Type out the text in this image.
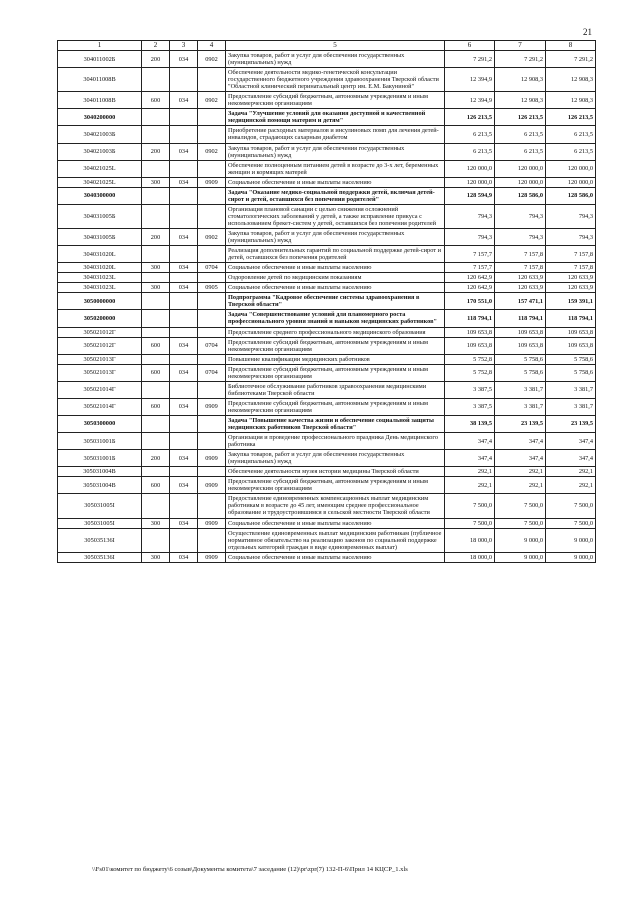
21
1	2	3	4	5	6	7	8
304011002Б	200	034	0902	Закупка товаров, работ и услуг для обеспечения государственных (муниципальных) нужд	7 291,2	7 291,2	7 291,2
304011008В				Обеспечение деятельности медико-генетической консультации государственного бюджетного учреждения здравоохранения Тверской области "Областной клинический перинатальный центр им. Е.М. Бакуниной"	12 394,9	12 908,3	12 908,3
304011008В	600	034	0902	Предоставление субсидий бюджетным, автономным учреждениям и иным некоммерческим организациям	12 394,9	12 908,3	12 908,3
3040200000				Задача "Улучшение условий для оказания доступной и качественной медицинской помощи матерям и детям"	126 213,5	126 213,5	126 213,5
304021003Б				Приобретение расходных материалов и инсулиновых помп для лечения детей-инвалидов, страдающих сахарным диабетом	6 213,5	6 213,5	6 213,5
304021003Б	200	034	0902	Закупка товаров, работ и услуг для обеспечения государственных (муниципальных) нужд	6 213,5	6 213,5	6 213,5
304021025L				Обеспечение полноценным питанием детей в возрасте до 3-х лет, беременных женщин и кормящих матерей	120 000,0	120 000,0	120 000,0
304021025L	300	034	0909	Социальное обеспечение и иные выплаты населению	120 000,0	120 000,0	120 000,0
3040300000				Задача "Оказание медико-социальной поддержки детей, включая детей-сирот и детей, оставшихся без попечения родителей"	128 594,9	128 586,0	128 586,0
304031005Б				Организация плановой санации с целью снижения осложнений стоматологических заболеваний у детей, а также исправление прикуса с использованием брекет-систем у детей, оставшихся без попечения родителей	794,3	794,3	794,3
304031005Б	200	034	0902	Закупка товаров, работ и услуг для обеспечения государственных (муниципальных) нужд	794,3	794,3	794,3
304031020L				Реализация дополнительных гарантий по социальной поддержке детей-сирот и детей, оставшихся без попечения родителей	7 157,7	7 157,8	7 157,8
304031020L	300	034	0704	Социальное обеспечение и иные выплаты населению	7 157,7	7 157,8	7 157,8
304031023L				Оздоровление детей по медицинским показаниям	120 642,9	120 633,9	120 633,9
304031023L	300	034	0905	Социальное обеспечение и иные выплаты населению	120 642,9	120 633,9	120 633,9
3050000000				Подпрограмма "Кадровое обеспечение системы здравоохранения в Тверской области"	170 551,0	157 471,1	159 391,1
3050200000				Задача "Совершенствование условий для планомерного роста профессионального уровня знаний и навыков медицинских работников"	118 794,1	118 794,1	118 794,1
305021012Г				Предоставление среднего профессионального медицинского образования	109 653,8	109 653,8	109 653,8
305021012Г	600	034	0704	Предоставление субсидий бюджетным, автономным учреждениям и иным некоммерческим организациям	109 653,8	109 653,8	109 653,8
305021013Г				Повышение квалификации медицинских работников	5 752,8	5 758,6	5 758,6
305021013Г	600	034	0704	Предоставление субсидий бюджетным, автономным учреждениям и иным некоммерческим организациям	5 752,8	5 758,6	5 758,6
305021014Г				Библиотечное обслуживание работников здравоохранения медицинскими библиотеками Тверской области	3 387,5	3 381,7	3 381,7
305021014Г	600	034	0909	Предоставление субсидий бюджетным, автономным учреждениям и иным некоммерческим организациям	3 387,5	3 381,7	3 381,7
3050300000				Задача "Повышение качества жизни и обеспечение социальной защиты медицинских работников Тверской области"	38 139,5	23 139,5	23 139,5
305031001Б				Организация и проведение профессионального праздника День медицинского работника	347,4	347,4	347,4
305031001Б	200	034	0909	Закупка товаров, работ и услуг для обеспечения государственных (муниципальных) нужд	347,4	347,4	347,4
305031004В				Обеспечение деятельности музея истории медицины Тверской области	292,1	292,1	292,1
305031004В	600	034	0909	Предоставление субсидий бюджетным, автономным учреждениям и иным некоммерческим организациям	292,1	292,1	292,1
305031005I				Предоставление единовременных компенсационных выплат медицинским работникам в возрасте до 45 лет, имеющим среднее профессиональное образование и трудоустроившимся в сельской местности Тверской области	7 500,0	7 500,0	7 500,0
305031005I	300	034	0909	Социальное обеспечение и иные выплаты населению	7 500,0	7 500,0	7 500,0
305035136I				Осуществление единовременных выплат медицинским работникам (публичное нормативное обязательство на реализацию законов по социальной поддержке отдельных категорий граждан в виде единовременных выплат)	18 000,0	9 000,0	9 000,0
305035136I	300	034	0909	Социальное обеспечение и иные выплаты населению	18 000,0	9 000,0	9 000,0
\\Fs01\комитет по бюджету\6 созыв\Документы комитета\7 заседание (12)\pr\zpr(7) 132-П-6\Прил 14 КЦСР_1.xls
